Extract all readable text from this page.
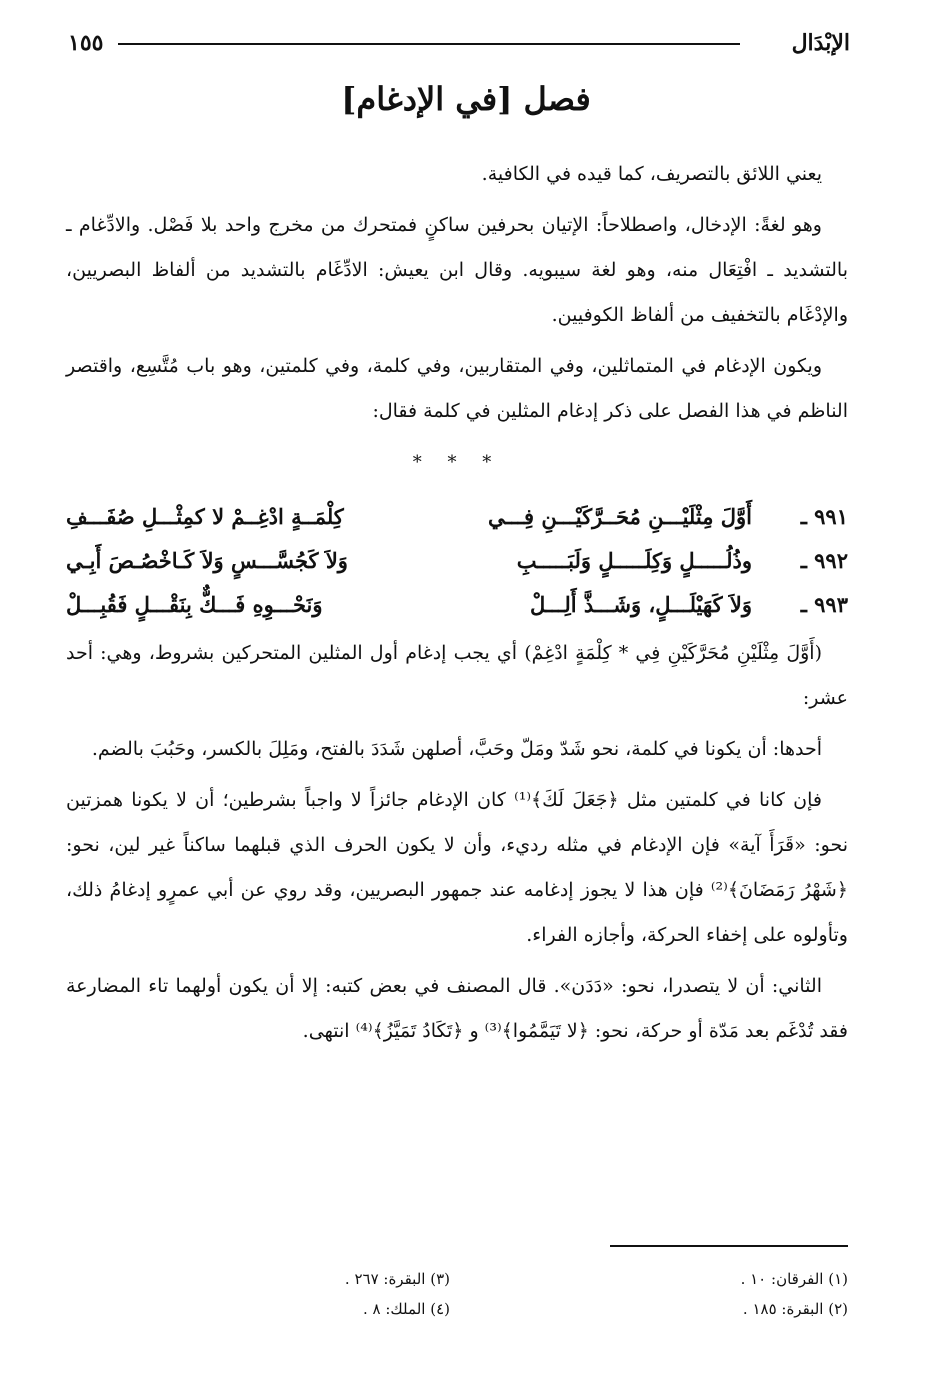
الإبْدَال
١٥٥
فصل [في الإدغام]

يعني اللائق بالتصريف، كما قيده في الكافية.

وهو لغةً: الإدخال، واصطلاحاً: الإتيان بحرفين ساكنٍ فمتحرك من مخرج واحد بلا فَصْل. والادِّغام ـ بالتشديد ـ افْتِعَال منه، وهو لغة سيبويه. وقال ابن يعيش: الادِّغَام بالتشديد من ألفاظ البصريين، والإدْغَام بالتخفيف من ألفاظ الكوفيين.

ويكون الإدغام في المتماثلين، وفي المتقاربين، وفي كلمة، وفي كلمتين، وهو باب مُتَّسِع، واقتصر الناظم في هذا الفصل على ذكر إدغام المثلين في كلمة فقال:

* * *
٩٩١ ـ
أَوَّلَ مِثْلَيْـــنِ مُحَــرَّكَيْـــنِ فِـــي
كِلْمَــةٍ ادْغِــمْ لا كمِثْـــلِ صُفَـــفِ
٩٩٢ ـ
وذُلُـــــلٍ وَكِلَـــــلٍ وَلَبَـــــبِ
وَلاَ كَجُسَّـــسٍ وَلاَ كَـاخْصُـصَ أَبِـي
٩٩٣ ـ
وَلاَ كَهَيْلَـــلٍ، وَشَـــذَّ أَلِـــلْ
وَنَحْـــوِهِ فَـــكٌّ بِنَقْـــلٍ فَقُبِـــلْ

(أَوَّلَ مِثْلَيْنِ مُحَرَّكَيْنِ فِي * كِلْمَةٍ ادْغِمْ) أي يجب إدغام أول المثلين المتحركين بشروط، وهي: أحد عشر:

أحدها: أن يكونا في كلمة، نحو شَدّ ومَلّ وحَبَّ، أصلهن شَدَدَ بالفتح، ومَلِلَ بالكسر، وحَبُبَ بالضم.

فإن كانا في كلمتين مثل ﴿جَعَلَ لَكَ﴾⁽¹⁾ كان الإدغام جائزاً لا واجباً بشرطين؛ أن لا يكونا همزتين نحو: «قَرَأَ آية» فإن الإدغام في مثله رديء، وأن لا يكون الحرف الذي قبلهما ساكناً غير لين، نحو: ﴿شَهْرُ رَمَضَانَ﴾⁽²⁾ فإن هذا لا يجوز إدغامه عند جمهور البصريين، وقد روي عن أبي عمرٍو إدغامُ ذلك، وتأولوه على إخفاء الحركة، وأجازه الفراء.

الثاني: أن لا يتصدرا، نحو: «دَدَن». قال المصنف في بعض كتبه: إلا أن يكون أولهما تاء المضارعة فقد تُدْغَم بعد مَدّة أو حركة، نحو: ﴿لا تَيَمَّمُوا﴾⁽³⁾ و ﴿تَكَادُ تَمَيَّزُ﴾⁽⁴⁾ انتهى.

(١) الفرقان: ١٠ .
(٢) البقرة: ١٨٥ .
(٣) البقرة: ٢٦٧ .
(٤) الملك: ٨ .
